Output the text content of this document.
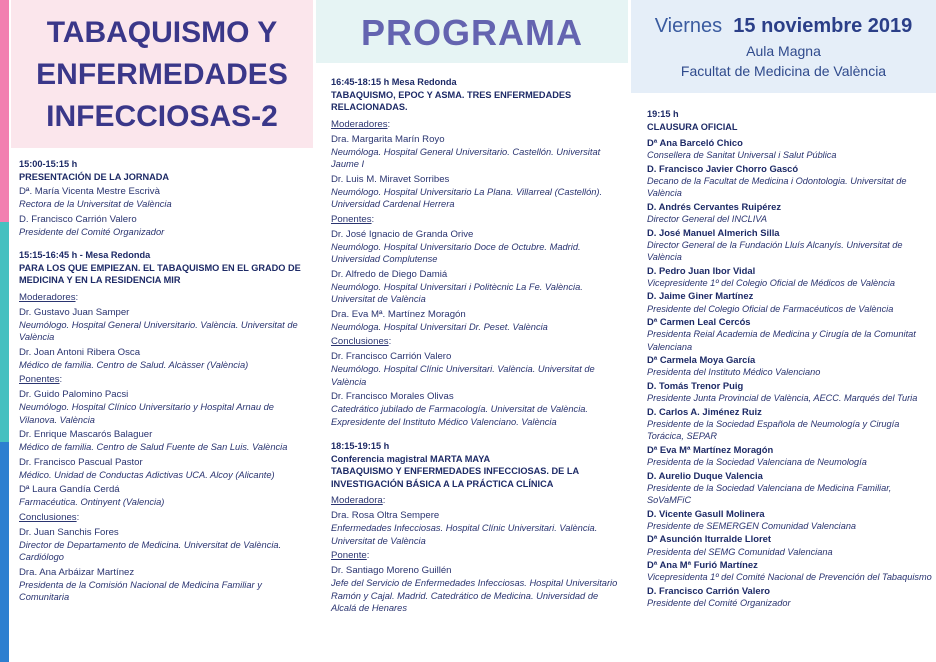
TABAQUISMO Y
ENFERMEDADES
INFECCIOSAS-2
15:00-15:15 h
PRESENTACIÓN DE LA JORNADA
Dª. María Vicenta Mestre Escrivà
Rectora de la Universitat de València
D. Francisco Carrión Valero
Presidente del Comité Organizador
15:15-16:45 h - Mesa Redonda
PARA LOS QUE EMPIEZAN. EL TABAQUISMO EN EL GRADO DE MEDICINA Y EN LA RESIDENCIA MIR
Moderadores:
Dr. Gustavo Juan Samper
Neumólogo. Hospital General Universitario. València. Universitat de València
Dr. Joan Antoni Ribera Osca
Médico de familia. Centro de Salud. Alcàsser (València)
Ponentes:
Dr. Guido Palomino Pacsi
Neumólogo. Hospital Clínico Universitario y Hospital Arnau de Vilanova. València
Dr. Enrique Mascarós Balaguer
Médico de familia. Centro de Salud Fuente de San Luis. València
Dr. Francisco Pascual Pastor
Médico. Unidad de Conductas Adictivas UCA. Alcoy (Alicante)
Dª Laura Gandía Cerdá
Farmacéutica. Ontinyent (Valencia)
Conclusiones:
Dr. Juan Sanchis Fores
Director de Departamento de Medicina. Universitat de València. Cardiólogo
Dra. Ana Arbáizar Martínez
Presidenta de la Comisión Nacional de Medicina Familiar y Comunitaria
PROGRAMA
16:45-18:15 h Mesa Redonda
TABAQUISMO, EPOC Y ASMA. TRES ENFERMEDADES RELACIONADAS.
Moderadores:
Dra. Margarita Marín Royo
Neumóloga. Hospital General Universitario. Castellón. Universitat Jaume I
Dr. Luis M. Miravet Sorribes
Neumólogo. Hospital Universitario La Plana. Villarreal (Castellón). Universidad Cardenal Herrera
Ponentes:
Dr. José Ignacio de Granda Orive
Neumólogo. Hospital Universitario Doce de Octubre. Madrid. Universidad Complutense
Dr. Alfredo de Diego Damiá
Neumólogo. Hospital Universitari i Politècnic La Fe. València. Universitat de València
Dra. Eva Mª. Martínez Moragón
Neumóloga. Hospital Universitari Dr. Peset. València
Conclusiones:
Dr. Francisco Carrión Valero
Neumólogo. Hospital Clínic Universitari. València. Universitat de València
Dr. Francisco Morales Olivas
Catedrático jubilado de Farmacología. Universitat de València. Expresidente del Instituto Médico Valenciano. València
18:15-19:15 h
Conferencia magistral MARTA MAYA
TABAQUISMO Y ENFERMEDADES INFECCIOSAS. DE LA INVESTIGACIÓN BÁSICA A LA PRÁCTICA CLÍNICA
Moderadora:
Dra. Rosa Oltra Sempere
Enfermedades Infecciosas. Hospital Clínic Universitari. València. Universitat de València
Ponente:
Dr. Santiago Moreno Guillén
Jefe del Servicio de Enfermedades Infecciosas. Hospital Universitario Ramón y Cajal. Madrid. Catedrático de Medicina. Universidad de Alcalá de Henares
Viernes 15 noviembre 2019
Aula Magna
Facultat de Medicina de València
19:15 h
CLAUSURA OFICIAL
Dª Ana Barceló Chico
Consellera de Sanitat Universal i Salut Pública
D. Francisco Javier Chorro Gascó
Decano de la Facultat de Medicina i Odontologia. Universitat de València
D. Andrés Cervantes Ruipérez
Director General del INCLIVA
D. José Manuel Almerich Silla
Director General de la Fundación Lluís Alcanyís. Universitat de València
D. Pedro Juan Ibor Vidal
Vicepresidente 1º del Colegio Oficial de Médicos de València
D. Jaime Giner Martínez
Presidente del Colegio Oficial de Farmacéuticos de València
Dª Carmen Leal Cercós
Presidenta Reial Academia de Medicina y Cirugía de la Comunitat Valenciana
Dª Carmela Moya García
Presidenta del Instituto Médico Valenciano
D. Tomás Trenor Puig
Presidente Junta Provincial de València, AECC. Marqués del Turia
D. Carlos A. Jiménez Ruiz
Presidente de la Sociedad Española de Neumología y Cirugía Torácica, SEPAR
Dª Eva Mª Martínez Moragón
Presidenta de la Sociedad Valenciana de Neumología
D. Aurelio Duque Valencia
Presidente de la Sociedad Valenciana de Medicina Familiar, SoVaMFiC
D. Vicente Gasull Molinera
Presidente de SEMERGEN Comunidad Valenciana
Dª Asunción Iturralde Lloret
Presidenta del SEMG Comunidad Valenciana
Dª Ana Mª Furió Martínez
Vicepresidenta 1º del Comité Nacional de Prevención del Tabaquismo
D. Francisco Carrión Valero
Presidente del Comité Organizador
